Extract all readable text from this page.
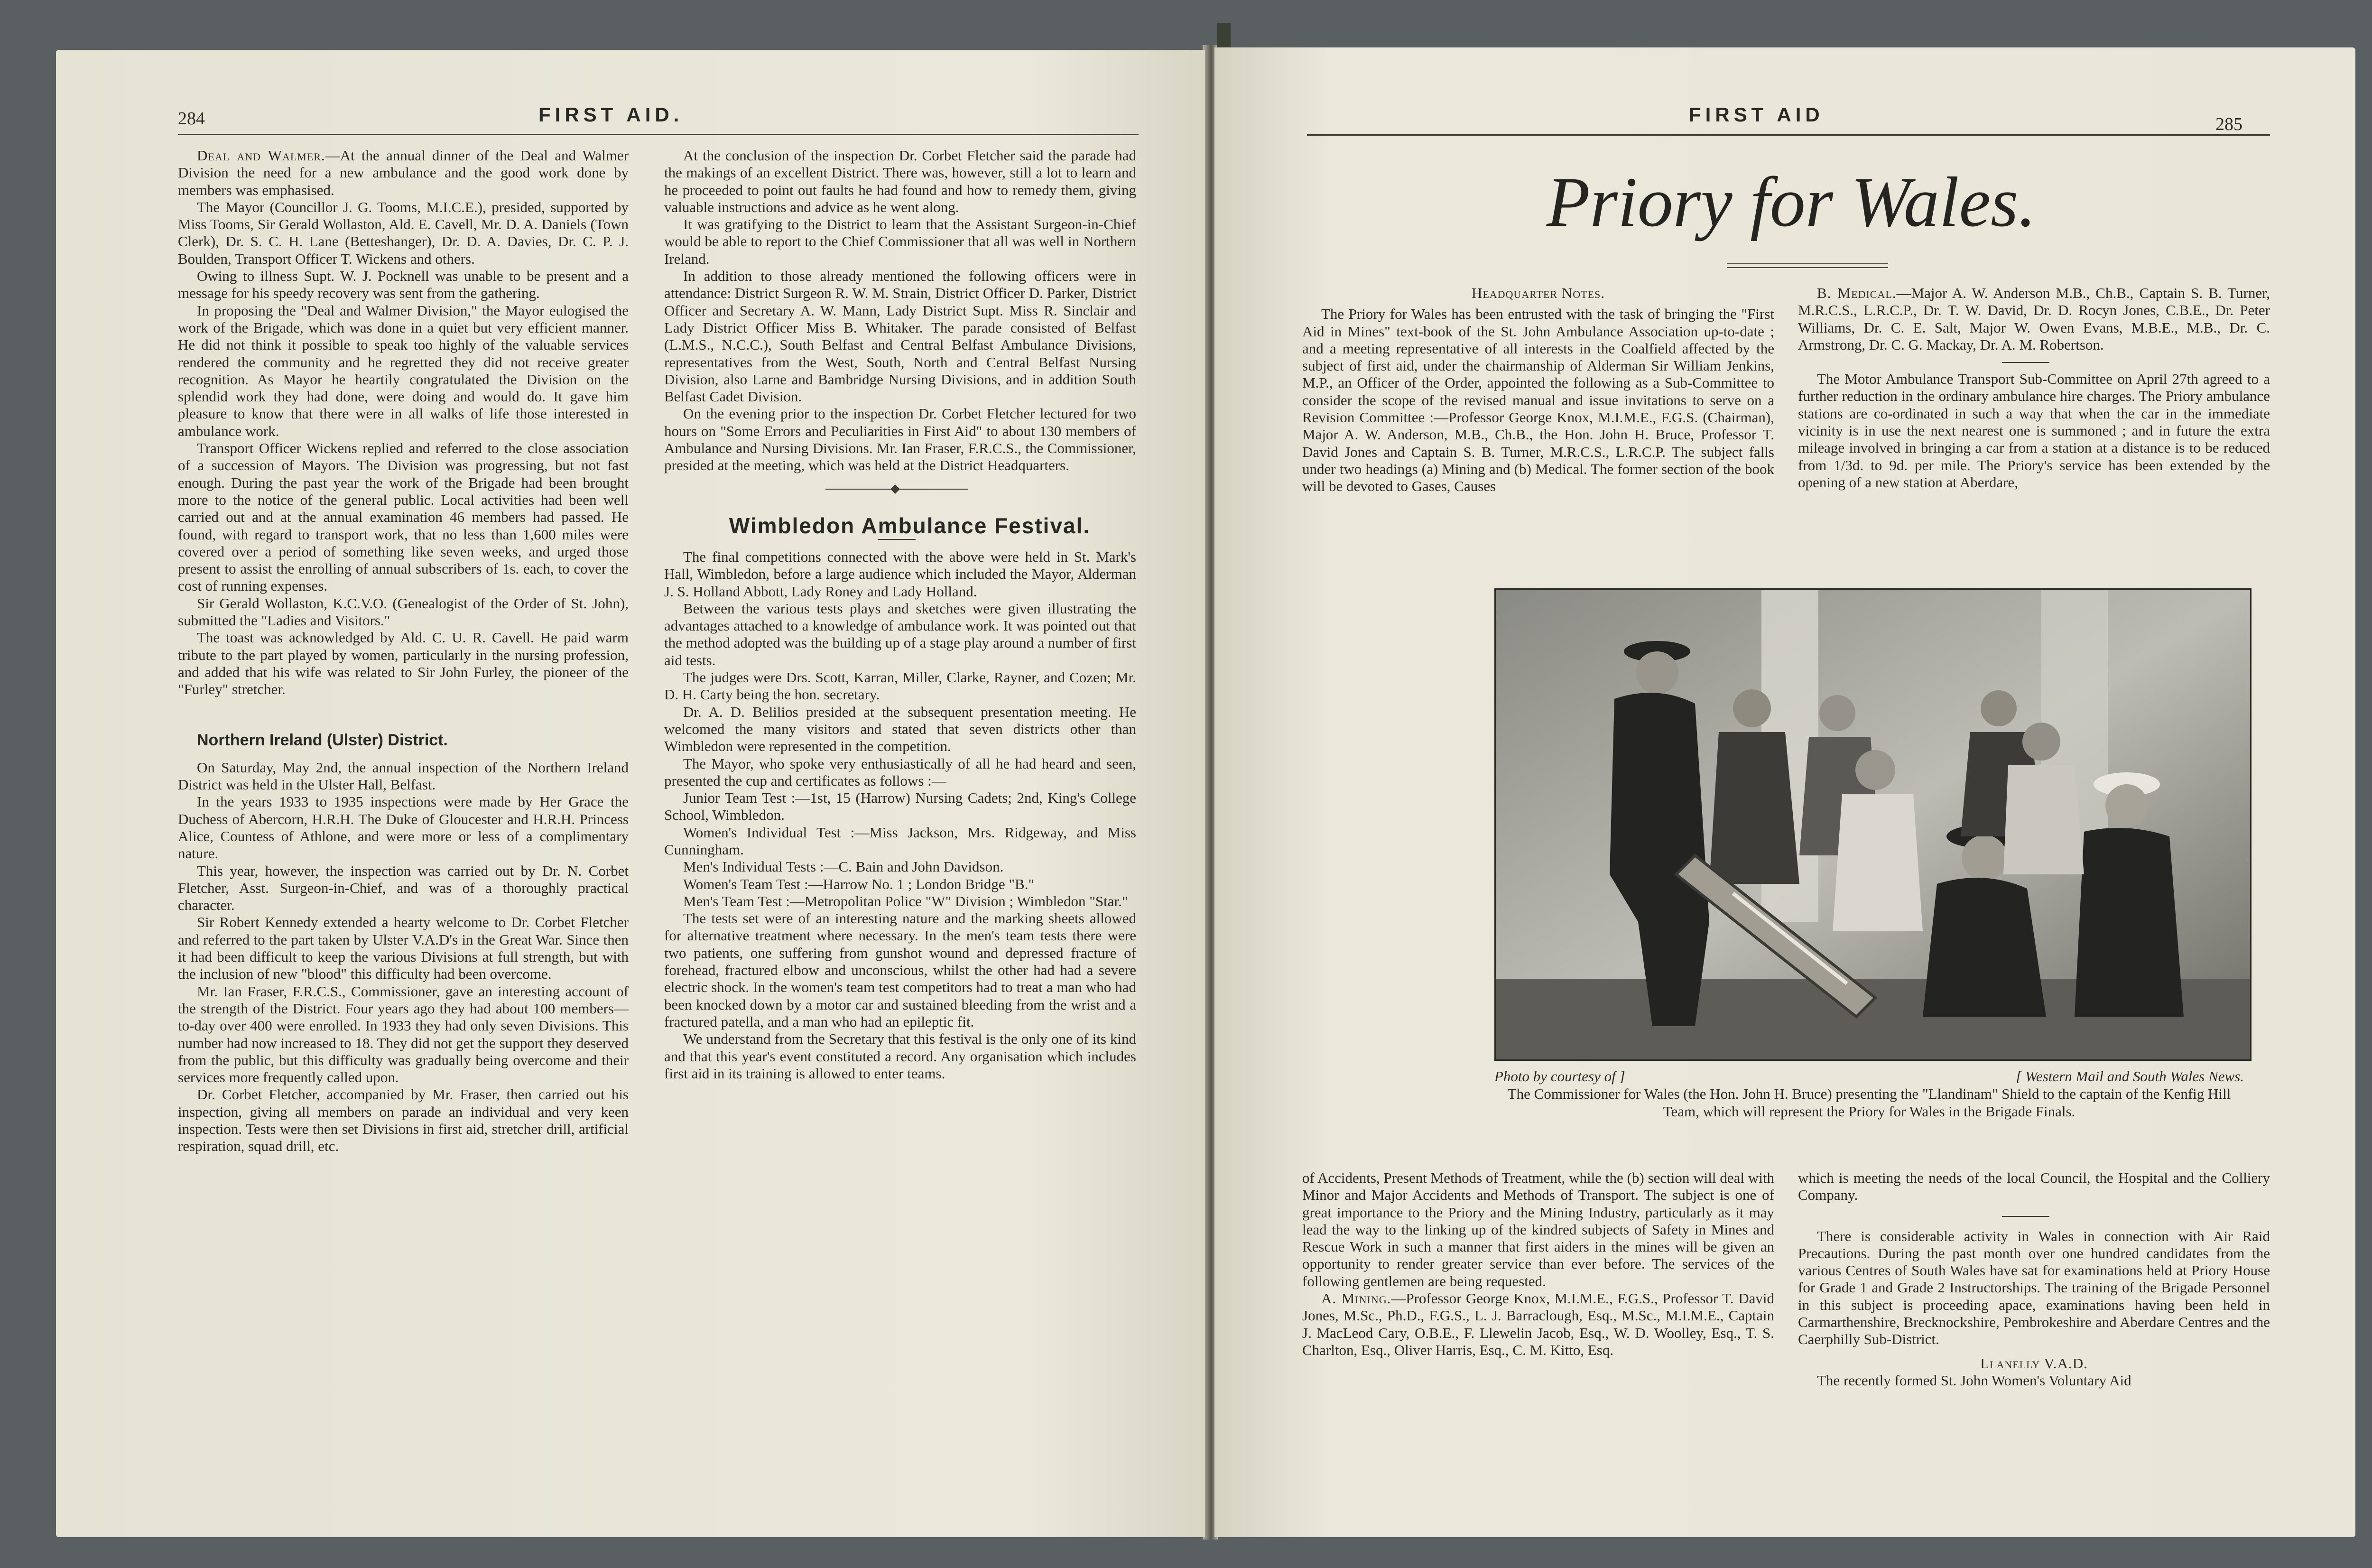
284	FIRST AID.

Deal and Walmer.—At the annual dinner of the Deal and Walmer Division the need for a new ambulance and the good work done by members was emphasised.

The Mayor (Councillor J. G. Tooms, M.I.C.E.), presided, supported by Miss Tooms, Sir Gerald Wollaston, Ald. E. Cavell, Mr. D. A. Daniels (Town Clerk), Dr. S. C. H. Lane (Betteshanger), Dr. D. A. Davies, Dr. C. P. J. Boulden, Transport Officer T. Wickens and others.

Owing to illness Supt. W. J. Pocknell was unable to be present and a message for his speedy recovery was sent from the gathering.

In proposing the "Deal and Walmer Division," the Mayor eulogised the work of the Brigade, which was done in a quiet but very efficient manner. He did not think it possible to speak too highly of the valuable services rendered the community and he regretted they did not receive greater recognition. As Mayor he heartily congratulated the Division on the splendid work they had done, were doing and would do. It gave him pleasure to know that there were in all walks of life those interested in ambulance work.

Transport Officer Wickens replied and referred to the close association of a succession of Mayors. The Division was progressing, but not fast enough. During the past year the work of the Brigade had been brought more to the notice of the general public. Local activities had been well carried out and at the annual examination 46 members had passed. He found, with regard to transport work, that no less than 1,600 miles were covered over a period of something like seven weeks, and urged those present to assist the enrolling of annual subscribers of 1s. each, to cover the cost of running expenses.

Sir Gerald Wollaston, K.C.V.O. (Genealogist of the Order of St. John), submitted the "Ladies and Visitors."

The toast was acknowledged by Ald. C. U. R. Cavell. He paid warm tribute to the part played by women, particularly in the nursing profession, and added that his wife was related to Sir John Furley, the pioneer of the "Furley" stretcher.

Northern Ireland (Ulster) District.

On Saturday, May 2nd, the annual inspection of the Northern Ireland District was held in the Ulster Hall, Belfast.

In the years 1933 to 1935 inspections were made by Her Grace the Duchess of Abercorn, H.R.H. The Duke of Gloucester and H.R.H. Princess Alice, Countess of Athlone, and were more or less of a complimentary nature.

This year, however, the inspection was carried out by Dr. N. Corbet Fletcher, Asst. Surgeon-in-Chief, and was of a thoroughly practical character.

Sir Robert Kennedy extended a hearty welcome to Dr. Corbet Fletcher and referred to the part taken by Ulster V.A.D's in the Great War. Since then it had been difficult to keep the various Divisions at full strength, but with the inclusion of new "blood" this difficulty had been overcome.

Mr. Ian Fraser, F.R.C.S., Commissioner, gave an interesting account of the strength of the District. Four years ago they had about 100 members—to-day over 400 were enrolled. In 1933 they had only seven Divisions. This number had now increased to 18. They did not get the support they deserved from the public, but this difficulty was gradually being overcome and their services more frequently called upon.

Dr. Corbet Fletcher, accompanied by Mr. Fraser, then carried out his inspection, giving all members on parade an individual and very keen inspection. Tests were then set Divisions in first aid, stretcher drill, artificial respiration, squad drill, etc.

At the conclusion of the inspection Dr. Corbet Fletcher said the parade had the makings of an excellent District. There was, however, still a lot to learn and he proceeded to point out faults he had found and how to remedy them, giving valuable instructions and advice as he went along.

It was gratifying to the District to learn that the Assistant Surgeon-in-Chief would be able to report to the Chief Commissioner that all was well in Northern Ireland.

In addition to those already mentioned the following officers were in attendance: District Surgeon R. W. M. Strain, District Officer D. Parker, District Officer and Secretary A. W. Mann, Lady District Supt. Miss R. Sinclair and Lady District Officer Miss B. Whitaker. The parade consisted of Belfast (L.M.S., N.C.C.), South Belfast and Central Belfast Ambulance Divisions, representatives from the West, South, North and Central Belfast Nursing Division, also Larne and Bambridge Nursing Divisions, and in addition South Belfast Cadet Division.

On the evening prior to the inspection Dr. Corbet Fletcher lectured for two hours on "Some Errors and Peculiarities in First Aid" to about 130 members of Ambulance and Nursing Divisions. Mr. Ian Fraser, F.R.C.S., the Commissioner, presided at the meeting, which was held at the District Headquarters.

Wimbledon Ambulance Festival.

The final competitions connected with the above were held in St. Mark's Hall, Wimbledon, before a large audience which included the Mayor, Alderman J. S. Holland Abbott, Lady Roney and Lady Holland.

Between the various tests plays and sketches were given illustrating the advantages attached to a knowledge of ambulance work. It was pointed out that the method adopted was the building up of a stage play around a number of first aid tests.

The judges were Drs. Scott, Karran, Miller, Clarke, Rayner, and Cozen; Mr. D. H. Carty being the hon. secretary.

Dr. A. D. Belilios presided at the subsequent presentation meeting. He welcomed the many visitors and stated that seven districts other than Wimbledon were represented in the competition.

The Mayor, who spoke very enthusiastically of all he had heard and seen, presented the cup and certificates as follows :—

Junior Team Test :—1st, 15 (Harrow) Nursing Cadets; 2nd, King's College School, Wimbledon.

Women's Individual Test :—Miss Jackson, Mrs. Ridgeway, and Miss Cunningham.

Men's Individual Tests :—C. Bain and John Davidson.

Women's Team Test :—Harrow No. 1 ; London Bridge "B."

Men's Team Test :—Metropolitan Police "W" Division ; Wimbledon "Star."

The tests set were of an interesting nature and the marking sheets allowed for alternative treatment where necessary. In the men's team tests there were two patients, one suffering from gunshot wound and depressed fracture of forehead, fractured elbow and unconscious, whilst the other had had a severe electric shock. In the women's team test competitors had to treat a man who had been knocked down by a motor car and sustained bleeding from the wrist and a fractured patella, and a man who had an epileptic fit.

We understand from the Secretary that this festival is the only one of its kind and that this year's event constituted a record. Any organisation which includes first aid in its training is allowed to enter teams.

FIRST AID	285
Priory for Wales.

Headquarter Notes.

The Priory for Wales has been entrusted with the task of bringing the "First Aid in Mines" text-book of the St. John Ambulance Association up-to-date ; and a meeting representative of all interests in the Coalfield affected by the subject of first aid, under the chairmanship of Alderman Sir William Jenkins, M.P., an Officer of the Order, appointed the following as a Sub-Committee to consider the scope of the revised manual and issue invitations to serve on a Revision Committee :—Professor George Knox, M.I.M.E., F.G.S. (Chairman), Major A. W. Anderson, M.B., Ch.B., the Hon. John H. Bruce, Professor T. David Jones and Captain S. B. Turner, M.R.C.S., L.R.C.P. The subject falls under two headings (a) Mining and (b) Medical. The former section of the book will be devoted to Gases, Causes

B. Medical.—Major A. W. Anderson M.B., Ch.B., Captain S. B. Turner, M.R.C.S., L.R.C.P., Dr. T. W. David, Dr. D. Rocyn Jones, C.B.E., Dr. Peter Williams, Dr. C. E. Salt, Major W. Owen Evans, M.B.E., M.B., Dr. C. Armstrong, Dr. C. G. Mackay, Dr. A. M. Robertson.

The Motor Ambulance Transport Sub-Committee on April 27th agreed to a further reduction in the ordinary ambulance hire charges. The Priory ambulance stations are co-ordinated in such a way that when the car in the immediate vicinity is in use the next nearest one is summoned ; and in future the extra mileage involved in bringing a car from a station at a distance is to be reduced from 1/3d. to 9d. per mile. The Priory's service has been extended by the opening of a new station at Aberdare,

Photo by courtesy of ]	[ Western Mail and South Wales News.
The Commissioner for Wales (the Hon. John H. Bruce) presenting the "Llandinam" Shield to the captain of the Kenfig Hill Team, which will represent the Priory for Wales in the Brigade Finals.

of Accidents, Present Methods of Treatment, while the (b) section will deal with Minor and Major Accidents and Methods of Transport. The subject is one of great importance to the Priory and the Mining Industry, particularly as it may lead the way to the linking up of the kindred subjects of Safety in Mines and Rescue Work in such a manner that first aiders in the mines will be given an opportunity to render greater service than ever before. The services of the following gentlemen are being requested.

A. Mining.—Professor George Knox, M.I.M.E., F.G.S., Professor T. David Jones, M.Sc., Ph.D., F.G.S., L. J. Barraclough, Esq., M.Sc., M.I.M.E., Captain J. MacLeod Cary, O.B.E., F. Llewelin Jacob, Esq., W. D. Woolley, Esq., T. S. Charlton, Esq., Oliver Harris, Esq., C. M. Kitto, Esq.

which is meeting the needs of the local Council, the Hospital and the Colliery Company.

There is considerable activity in Wales in connection with Air Raid Precautions. During the past month over one hundred candidates from the various Centres of South Wales have sat for examinations held at Priory House for Grade 1 and Grade 2 Instructorships. The training of the Brigade Personnel in this subject is proceeding apace, examinations having been held in Carmarthenshire, Brecknockshire, Pembrokeshire and Aberdare Centres and the Caerphilly Sub-District.

Llanelly V.A.D.

The recently formed St. John Women's Voluntary Aid
